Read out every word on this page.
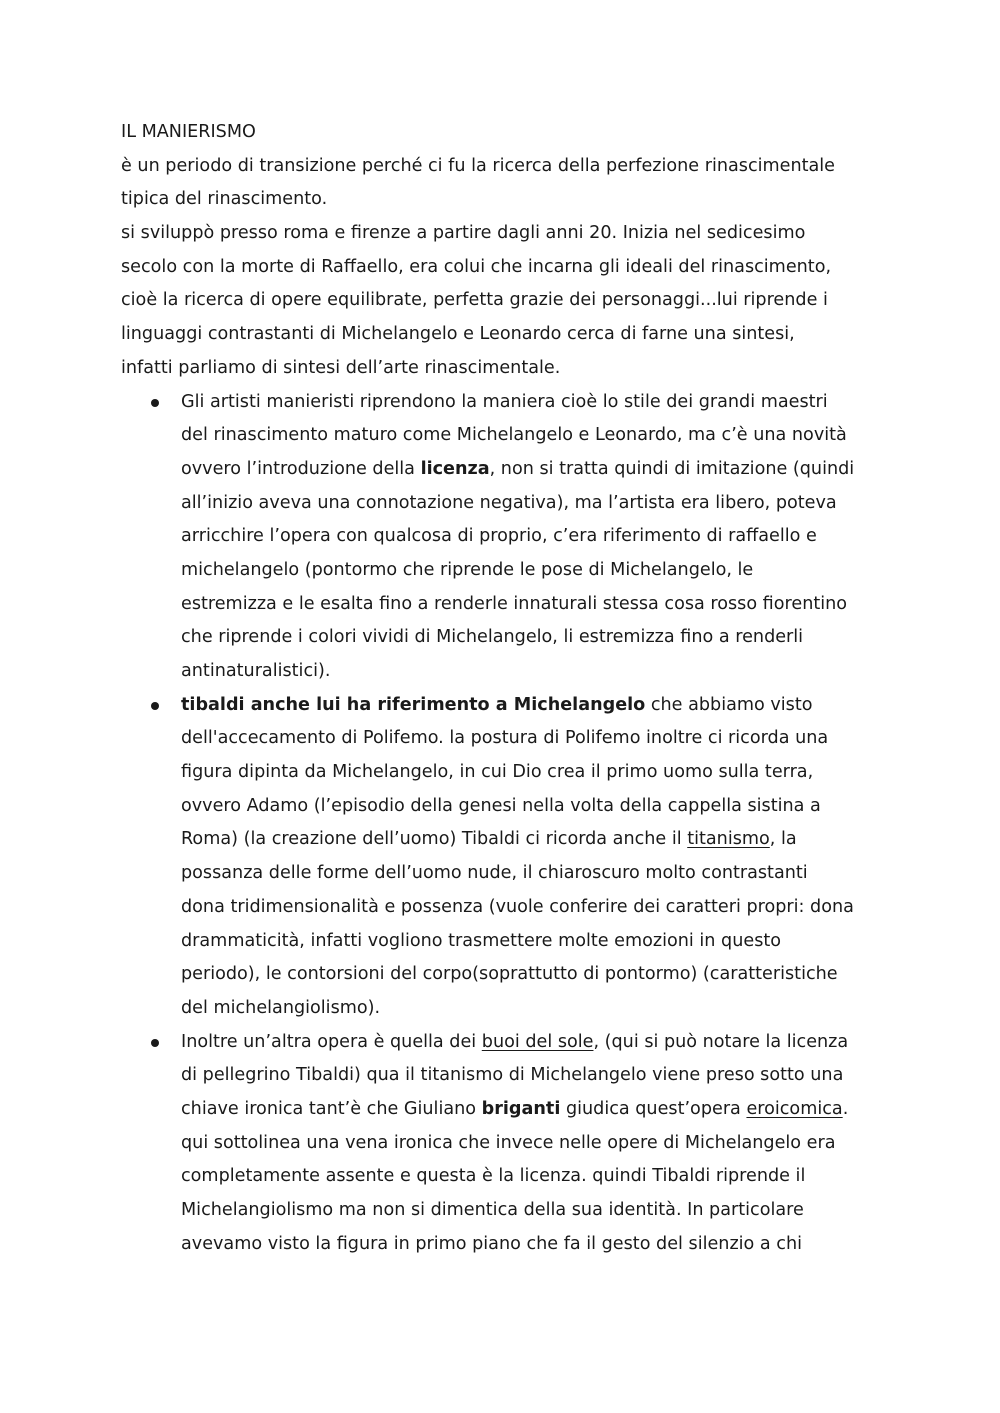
IL MANIERISMO
è un periodo di transizione perché ci fu la ricerca della perfezione rinascimentale
tipica del rinascimento.
si sviluppò presso roma e firenze a partire dagli anni 20. Inizia nel sedicesimo
secolo con la morte di Raffaello, era colui che incarna gli ideali del rinascimento,
cioè la ricerca di opere equilibrate, perfetta grazie dei personaggi...lui riprende i
linguaggi contrastanti di Michelangelo e Leonardo cerca di farne una sintesi,
infatti parliamo di sintesi dell’arte rinascimentale.
Gli artisti manieristi riprendono la maniera cioè lo stile dei grandi maestri
del rinascimento maturo come Michelangelo e Leonardo, ma c’è una novità
ovvero l’introduzione della licenza, non si tratta quindi di imitazione (quindi
all’inizio aveva una connotazione negativa), ma l’artista era libero, poteva
arricchire l’opera con qualcosa di proprio, c’era riferimento di raffaello e
michelangelo (pontormo che riprende le pose di Michelangelo, le
estremizza e le esalta fino a renderle innaturali stessa cosa rosso fiorentino
che riprende i colori vividi di Michelangelo, li estremizza fino a renderli
antinaturalistici).
tibaldi anche lui ha riferimento a Michelangelo che abbiamo visto
dell'accecamento di Polifemo. la postura di Polifemo inoltre ci ricorda una
figura dipinta da Michelangelo, in cui Dio crea il primo uomo sulla terra,
ovvero Adamo (l’episodio della genesi nella volta della cappella sistina a
Roma) (la creazione dell’uomo) Tibaldi ci ricorda anche il titanismo, la
possanza delle forme dell’uomo nude, il chiaroscuro molto contrastanti
dona tridimensionalità e possenza (vuole conferire dei caratteri propri: dona
drammaticità, infatti vogliono trasmettere molte emozioni in questo
periodo), le contorsioni del corpo(soprattutto di pontormo) (caratteristiche
del michelangiolismo).
Inoltre un’altra opera è quella dei buoi del sole, (qui si può notare la licenza
di pellegrino Tibaldi) qua il titanismo di Michelangelo viene preso sotto una
chiave ironica tant’è che Giuliano briganti giudica quest’opera eroicomica.
qui sottolinea una vena ironica che invece nelle opere di Michelangelo era
completamente assente e questa è la licenza. quindi Tibaldi riprende il
Michelangiolismo ma non si dimentica della sua identità. In particolare
avevamo visto la figura in primo piano che fa il gesto del silenzio a chi
